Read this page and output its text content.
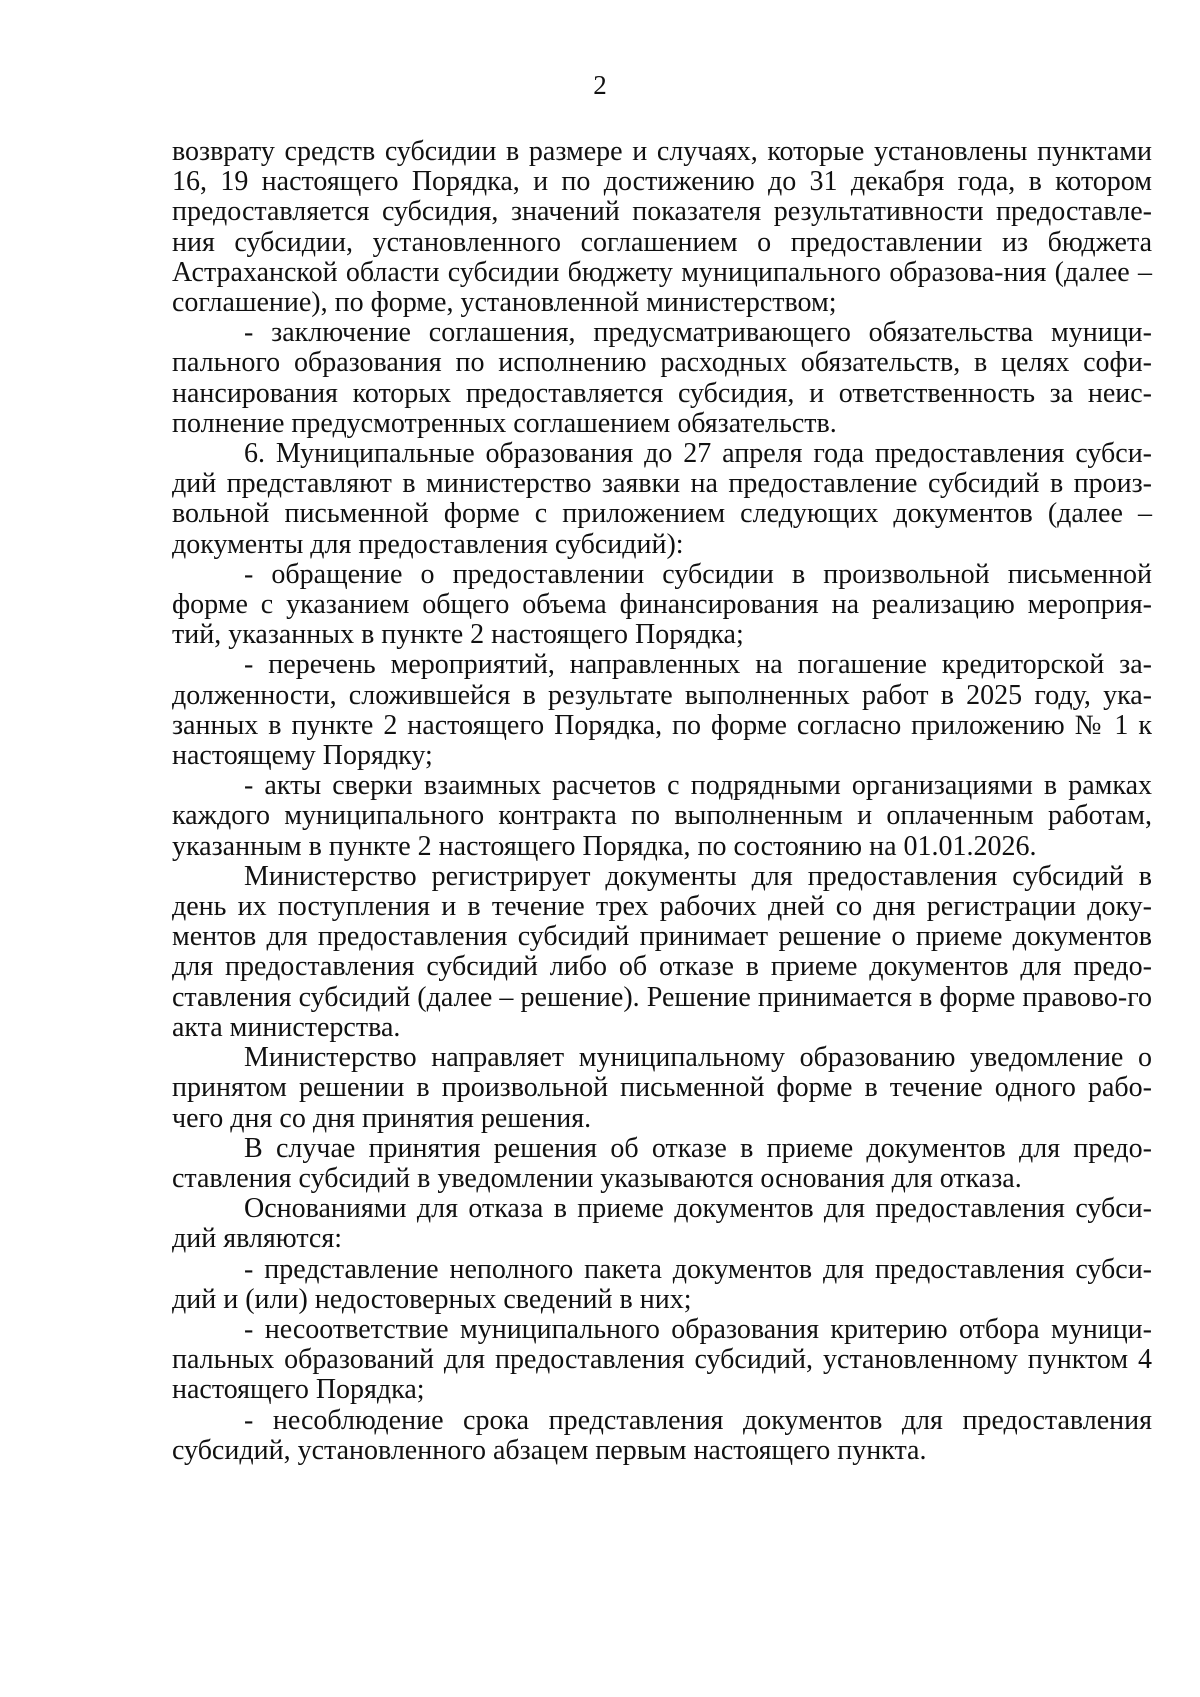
2

возврату средств субсидии в размере и случаях, которые установлены пунктами 16, 19 настоящего Порядка, и по достижению до 31 декабря года, в котором предоставляется субсидия, значений показателя результативности предоставле-ния субсидии, установленного соглашением о предоставлении из бюджета Астраханской области субсидии бюджету муниципального образова-ния (далее –соглашение), по форме, установленной министерством;

- заключение соглашения, предусматривающего обязательства муници-пального образования по исполнению расходных обязательств, в целях софи-нансирования которых предоставляется субсидия, и ответственность за неис-полнение предусмотренных соглашением обязательств.

6. Муниципальные образования до 27 апреля года предоставления субси-дий представляют в министерство заявки на предоставление субсидий в произ-вольной письменной форме с приложением следующих документов (далее – документы для предоставления субсидий):

- обращение о предоставлении субсидии в произвольной письменной форме с указанием общего объема финансирования на реализацию мероприя-тий, указанных в пункте 2 настоящего Порядка;

- перечень мероприятий, направленных на погашение кредиторской за-долженности, сложившейся в результате выполненных работ в 2025 году, ука-занных в пункте 2 настоящего Порядка, по форме согласно приложению № 1 к настоящему Порядку;

- акты сверки взаимных расчетов с подрядными организациями в рамках каждого муниципального контракта по выполненным и оплаченным работам, указанным в пункте 2 настоящего Порядка, по состоянию на 01.01.2026.

Министерство регистрирует документы для предоставления субсидий в день их поступления и в течение трех рабочих дней со дня регистрации доку-ментов для предоставления субсидий принимает решение о приеме документов для предоставления субсидий либо об отказе в приеме документов для предо-ставления субсидий (далее – решение). Решение принимается в форме правово-го акта министерства.

Министерство направляет муниципальному образованию уведомление о принятом решении в произвольной письменной форме в течение одного рабо-чего дня со дня принятия решения.

В случае принятия решения об отказе в приеме документов для предо-ставления субсидий в уведомлении указываются основания для отказа.

Основаниями для отказа в приеме документов для предоставления субси-дий являются:

- представление неполного пакета документов для предоставления субси-дий и (или) недостоверных сведений в них;

- несоответствие муниципального образования критерию отбора муници-пальных образований для предоставления субсидий, установленному пунктом 4 настоящего Порядка;

- несоблюдение срока представления документов для предоставления субсидий, установленного абзацем первым настоящего пункта.
